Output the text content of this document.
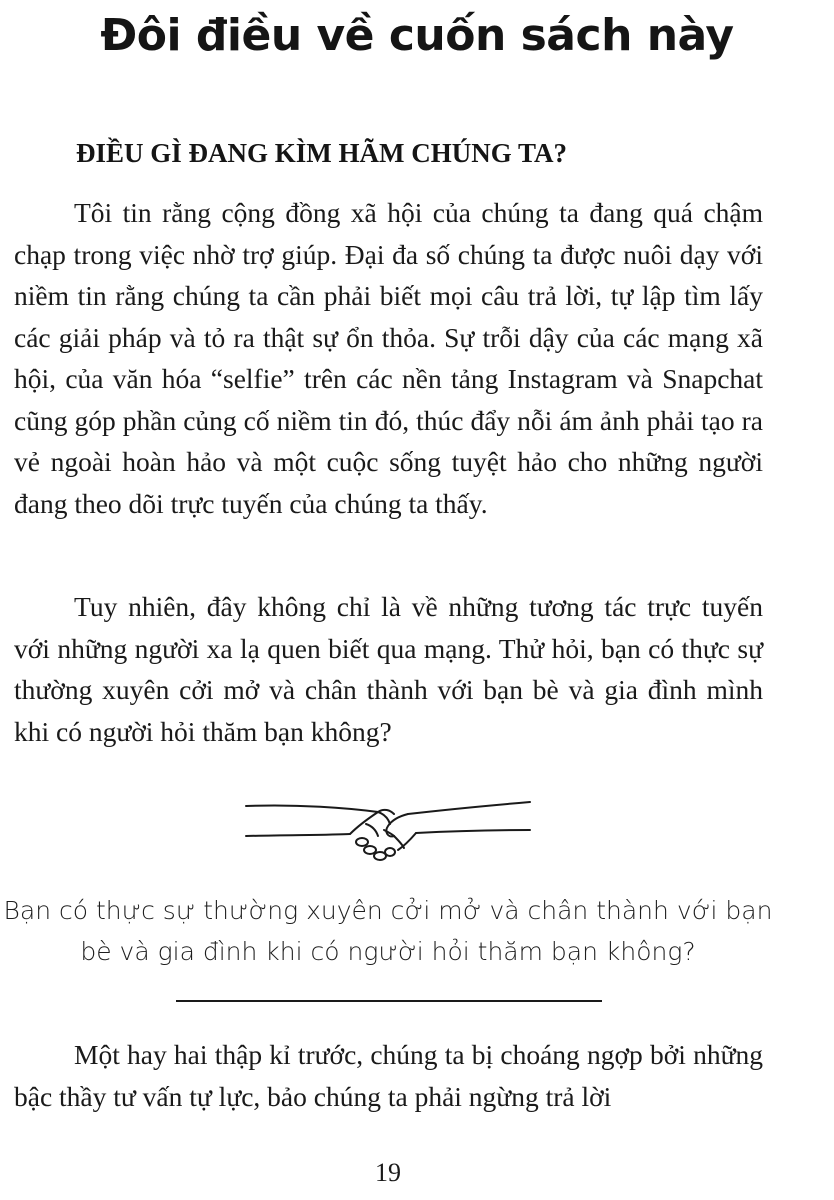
Đôi điều về cuốn sách này
ĐIỀU GÌ ĐANG KÌM HÃM CHÚNG TA?

Tôi tin rằng cộng đồng xã hội của chúng ta đang quá chậm chạp trong việc nhờ trợ giúp. Đại đa số chúng ta được nuôi dạy với niềm tin rằng chúng ta cần phải biết mọi câu trả lời, tự lập tìm lấy các giải pháp và tỏ ra thật sự ổn thỏa. Sự trỗi dậy của các mạng xã hội, của văn hóa “selfie” trên các nền tảng Instagram và Snapchat cũng góp phần củng cố niềm tin đó, thúc đẩy nỗi ám ảnh phải tạo ra vẻ ngoài hoàn hảo và một cuộc sống tuyệt hảo cho những người đang theo dõi trực tuyến của chúng ta thấy.

Tuy nhiên, đây không chỉ là về những tương tác trực tuyến với những người xa lạ quen biết qua mạng. Thử hỏi, bạn có thực sự thường xuyên cởi mở và chân thành với bạn bè và gia đình mình khi có người hỏi thăm bạn không?

Bạn có thực sự thường xuyên cởi mở và chân thành với bạn bè và gia đình khi có người hỏi thăm bạn không?

Một hay hai thập kỉ trước, chúng ta bị choáng ngợp bởi những bậc thầy tư vấn tự lực, bảo chúng ta phải ngừng trả lời

19
